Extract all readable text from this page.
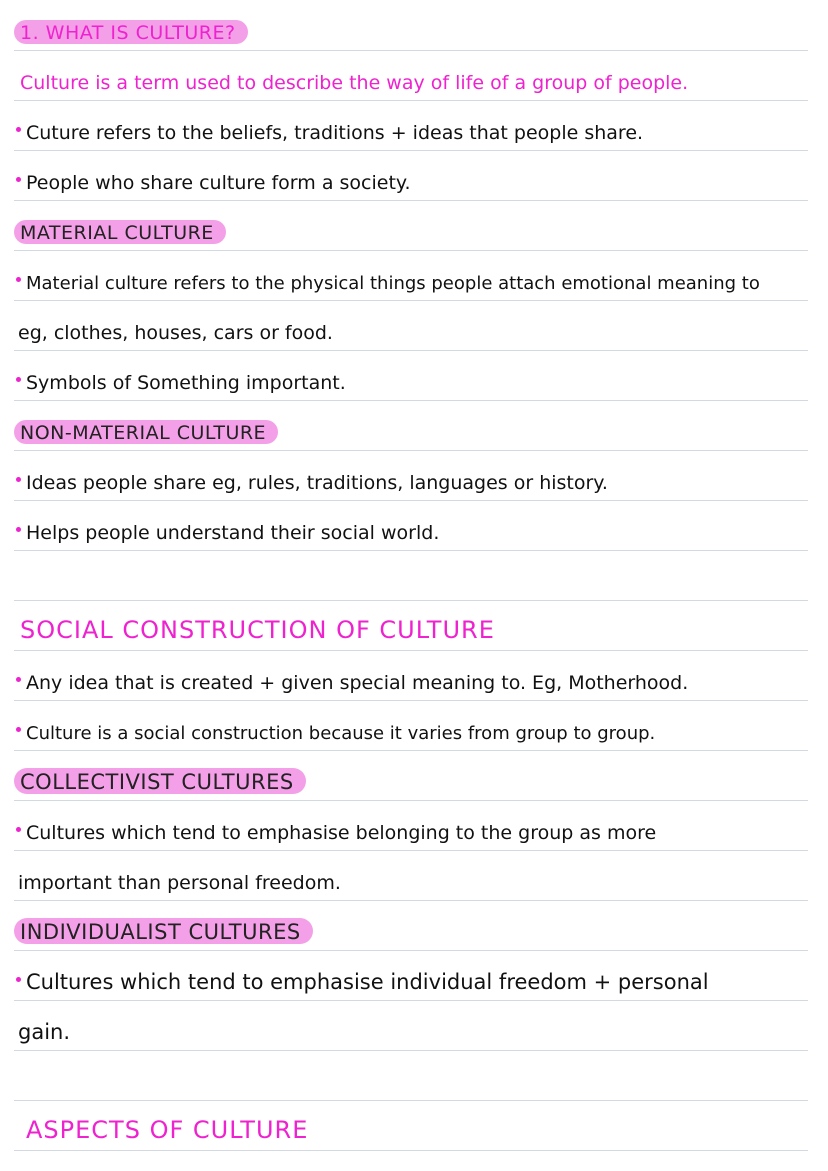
1. WHAT IS CULTURE?
Culture is a term used to describe the way of life of a group of people.
Cuture refers to the beliefs, traditions + ideas that people share.
People who share culture form a society.
MATERIAL CULTURE
Material culture refers to the physical things people attach emotional meaning to
eg, clothes, houses, cars or food.
Symbols of Something important.
NON-MATERIAL CULTURE
Ideas people share eg, rules, traditions, languages or history.
Helps people understand their social world.
SOCIAL CONSTRUCTION OF CULTURE
Any idea that is created + given special meaning to. Eg, Motherhood.
Culture is a social construction because it varies from group to group.
COLLECTIVIST CULTURES
Cultures which tend to emphasise belonging to the group as more
important than personal freedom.
INDIVIDUALIST CULTURES
Cultures which tend to emphasise individual freedom + personal
gain.
ASPECTS OF CULTURE
